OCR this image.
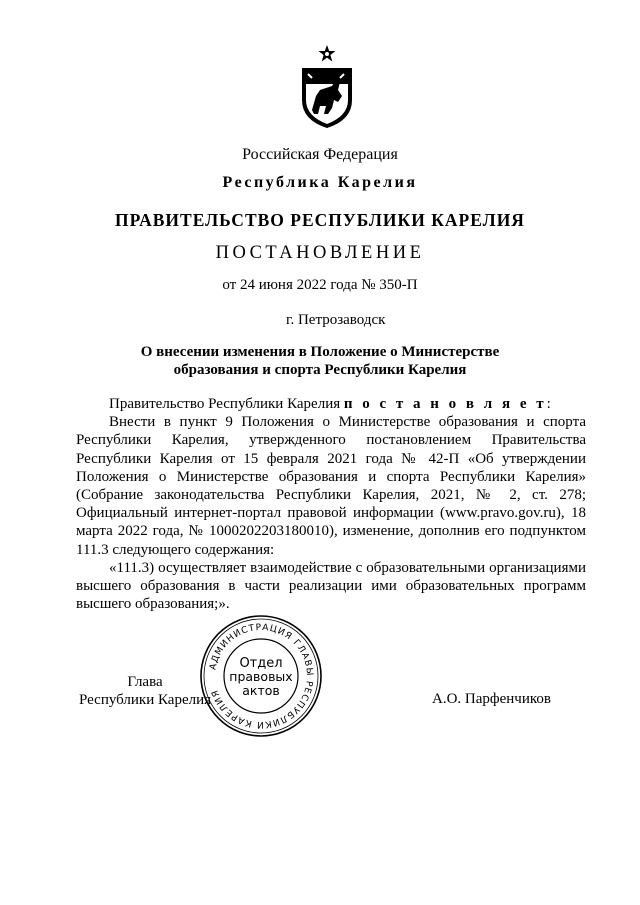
Российская Федерация
Республика Карелия
ПРАВИТЕЛЬСТВО РЕСПУБЛИКИ КАРЕЛИЯ
ПОСТАНОВЛЕНИЕ
от 24 июня 2022 года № 350-П
г. Петрозаводск
О внесении изменения в Положение о Министерстве
образования и спорта Республики Карелия

Правительство Республики Карелия п о с т а н о в л я е т:

Внести в пункт 9 Положения о Министерстве образования и спорта Республики Карелия, утвержденного постановлением Правительства Республики Карелия от 15 февраля 2021 года № 42-П «Об утверждении Положения о Министерстве образования и спорта Республики Карелия» (Собрание законодательства Республики Карелия, 2021, № 2, ст. 278; Официальный интернет-портал правовой информации (www.pravo.gov.ru), 18 марта 2022 года, № 1000202203180010), изменение, дополнив его подпунктом 111.3 следующего содержания:

«111.3) осуществляет взаимодействие с образовательными организациями высшего образования в части реализации ими образовательных программ высшего образования;».

Глава
Республики Карелия	А.О. Парфенчиков
АДМИНИСТРАЦИЯ ГЛАВЫ РЕСПУБЛИКИ КАРЕЛИЯ
Отдел
правовых
актов
